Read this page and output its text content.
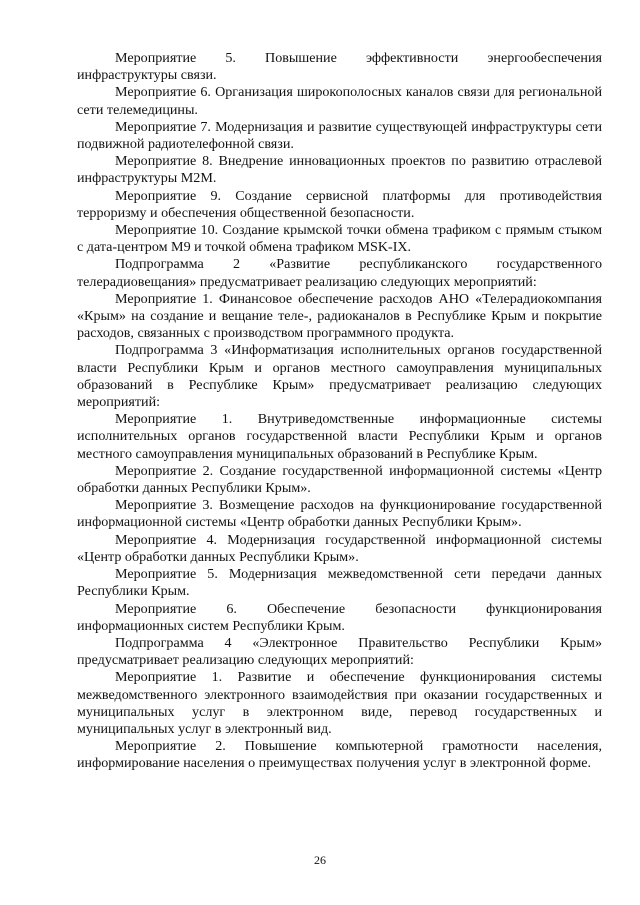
Мероприятие 5. Повышение эффективности энергообеспечения инфраструктуры связи.

Мероприятие 6. Организация широкополосных каналов связи для региональной сети телемедицины.

Мероприятие 7. Модернизация и развитие существующей инфраструктуры сети подвижной радиотелефонной связи.

Мероприятие 8. Внедрение инновационных проектов по развитию отраслевой инфраструктуры M2M.

Мероприятие 9. Создание сервисной платформы для противодействия терроризму и обеспечения общественной безопасности.

Мероприятие 10. Создание крымской точки обмена трафиком с прямым стыком с дата-центром М9 и точкой обмена трафиком MSK-IX.

Подпрограмма 2 «Развитие республиканского государственного телерадиовещания» предусматривает реализацию следующих мероприятий:

Мероприятие 1. Финансовое обеспечение расходов АНО «Телерадиокомпания «Крым» на создание и вещание теле-, радиоканалов в Республике Крым и покрытие расходов, связанных с производством программного продукта.

Подпрограмма 3 «Информатизация исполнительных органов государственной власти Республики Крым и органов местного самоуправления муниципальных образований в Республике Крым» предусматривает реализацию следующих мероприятий:

Мероприятие 1. Внутриведомственные информационные системы исполнительных органов государственной власти Республики Крым и органов местного самоуправления муниципальных образований в Республике Крым.

Мероприятие 2. Создание государственной информационной системы «Центр обработки данных Республики Крым».

Мероприятие 3. Возмещение расходов на функционирование государственной информационной системы «Центр обработки данных Республики Крым».

Мероприятие 4. Модернизация государственной информационной системы «Центр обработки данных Республики Крым».

Мероприятие 5. Модернизация межведомственной сети передачи данных Республики Крым.

Мероприятие 6. Обеспечение безопасности функционирования информационных систем Республики Крым.

Подпрограмма 4 «Электронное Правительство Республики Крым» предусматривает реализацию следующих мероприятий:

Мероприятие 1. Развитие и обеспечение функционирования системы межведомственного электронного взаимодействия при оказании государственных и муниципальных услуг в электронном виде, перевод государственных и муниципальных услуг в электронный вид.

Мероприятие 2. Повышение компьютерной грамотности населения, информирование населения о преимуществах получения услуг в электронной форме.

26
